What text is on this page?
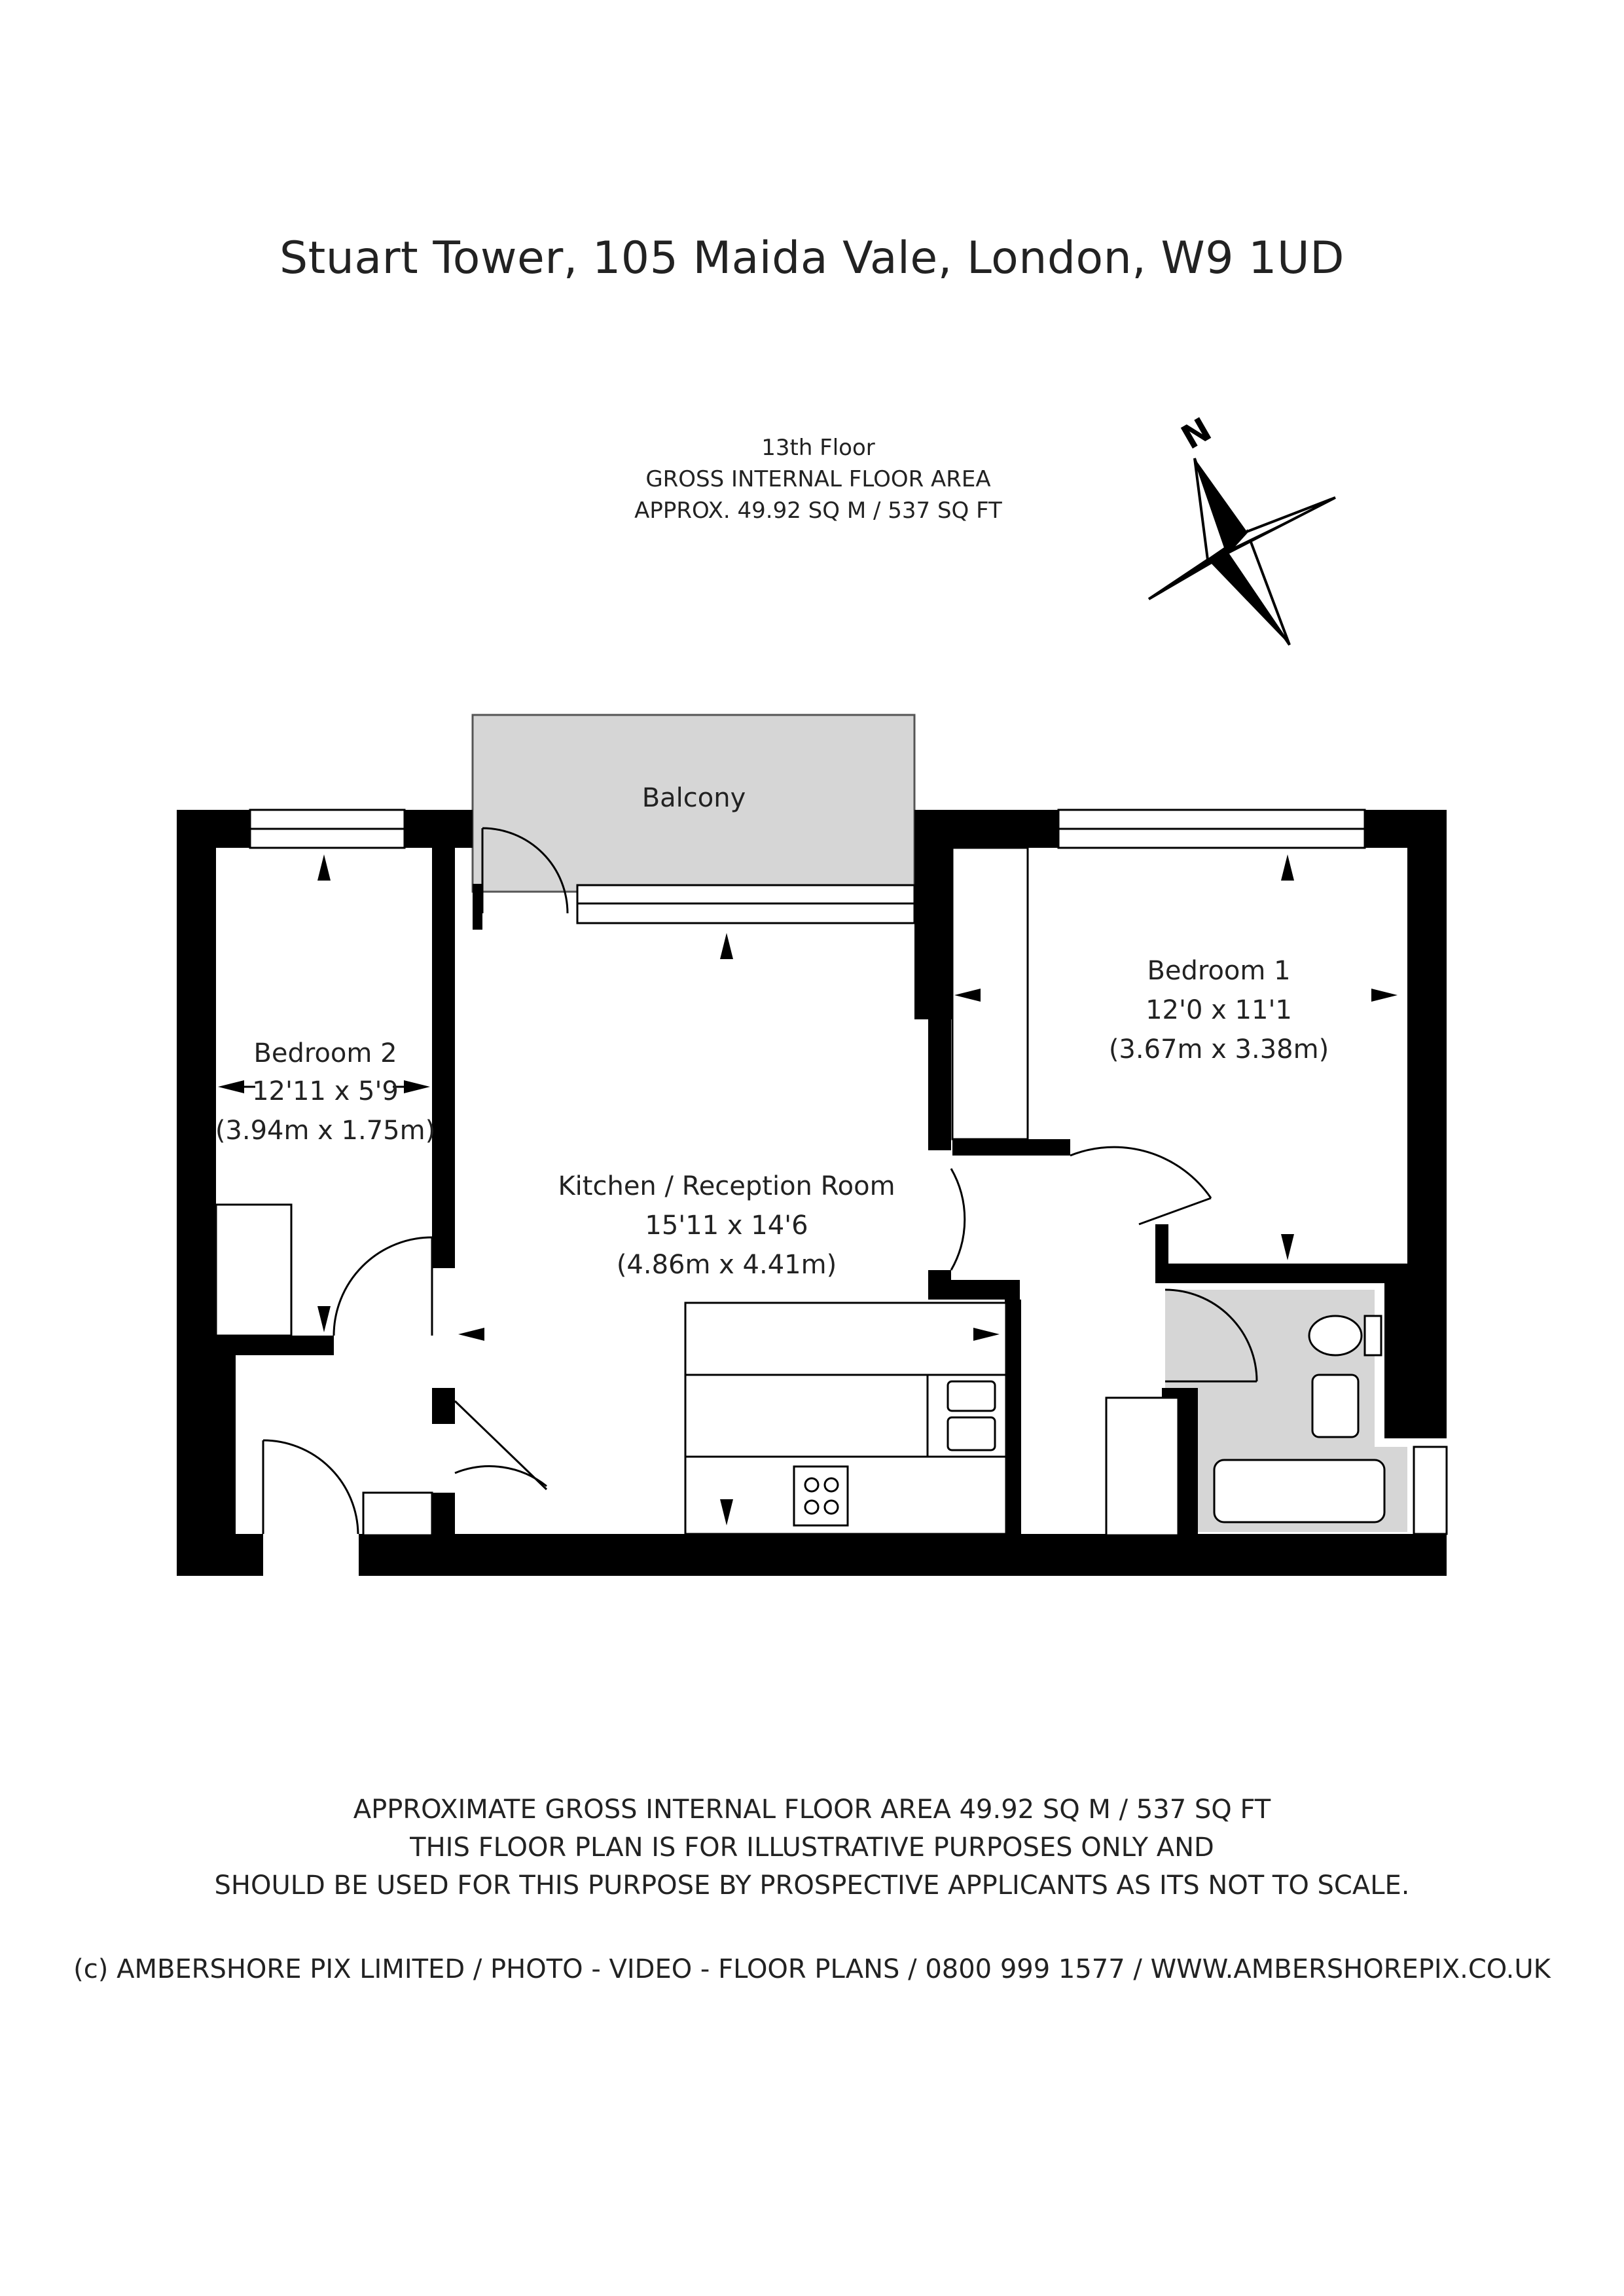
Stuart Tower, 105 Maida Vale, London, W9 1UD
13th Floor
GROSS INTERNAL FLOOR AREA
APPROX. 49.92 SQ M / 537 SQ FT
N
Balcony
Bedroom 1
12'0 x 11'1
(3.67m x 3.38m)
Bedroom 2
12'11 x 5'9
(3.94m x 1.75m)
Kitchen / Reception Room
15'11 x 14'6
(4.86m x 4.41m)
APPROXIMATE GROSS INTERNAL FLOOR AREA 49.92 SQ M / 537 SQ FT
THIS FLOOR PLAN IS FOR ILLUSTRATIVE PURPOSES ONLY AND
SHOULD BE USED FOR THIS PURPOSE BY PROSPECTIVE APPLICANTS AS ITS NOT TO SCALE.
(c) AMBERSHORE PIX LIMITED / PHOTO - VIDEO - FLOOR PLANS / 0800 999 1577 / WWW.AMBERSHOREPIX.CO.UK
